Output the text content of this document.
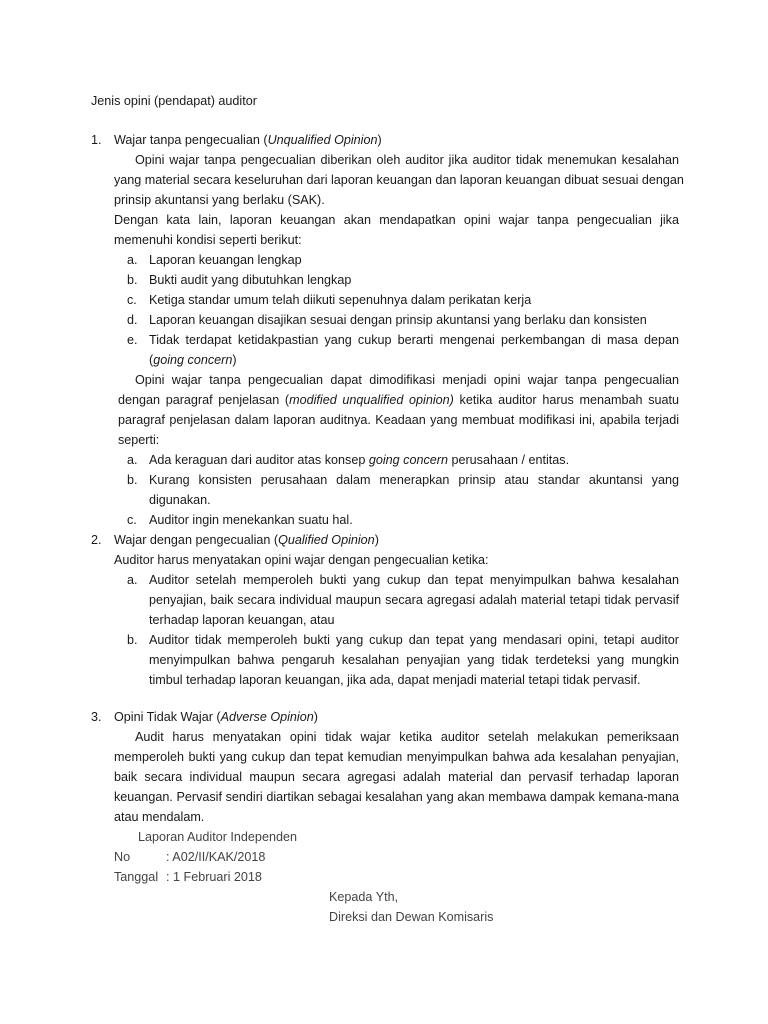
Jenis opini (pendapat) auditor
1. Wajar tanpa pengecualian (Unqualified Opinion)
Opini wajar tanpa pengecualian diberikan oleh auditor jika auditor tidak menemukan kesalahan
yang material secara keseluruhan dari laporan keuangan dan laporan keuangan dibuat sesuai dengan
prinsip akuntansi yang berlaku (SAK).
Dengan kata lain, laporan keuangan akan mendapatkan opini wajar tanpa pengecualian jika
memenuhi kondisi seperti berikut:
a. Laporan keuangan lengkap
b. Bukti audit yang dibutuhkan lengkap
c. Ketiga standar umum telah diikuti sepenuhnya dalam perikatan kerja
d. Laporan keuangan disajikan sesuai dengan prinsip akuntansi yang berlaku dan konsisten
e. Tidak terdapat ketidakpastian yang cukup berarti mengenai perkembangan di masa depan
(going concern)
Opini wajar tanpa pengecualian dapat dimodifikasi menjadi opini wajar tanpa pengecualian
dengan paragraf penjelasan (modified unqualified opinion) ketika auditor harus menambah suatu
paragraf penjelasan dalam laporan auditnya. Keadaan yang membuat modifikasi ini, apabila terjadi
seperti:
a. Ada keraguan dari auditor atas konsep going concern perusahaan / entitas.
b. Kurang konsisten perusahaan dalam menerapkan prinsip atau standar akuntansi yang
digunakan.
c. Auditor ingin menekankan suatu hal.
2. Wajar dengan pengecualian (Qualified Opinion)
Auditor harus menyatakan opini wajar dengan pengecualian ketika:
a. Auditor setelah memperoleh bukti yang cukup dan tepat menyimpulkan bahwa kesalahan
penyajian, baik secara individual maupun secara agregasi adalah material tetapi tidak pervasif
terhadap laporan keuangan, atau
b. Auditor tidak memperoleh bukti yang cukup dan tepat yang mendasari opini, tetapi auditor
menyimpulkan bahwa pengaruh kesalahan penyajian yang tidak terdeteksi yang mungkin
timbul terhadap laporan keuangan, jika ada, dapat menjadi material tetapi tidak pervasif.
3. Opini Tidak Wajar (Adverse Opinion)
Audit harus menyatakan opini tidak wajar ketika auditor setelah melakukan pemeriksaan
memperoleh bukti yang cukup dan tepat kemudian menyimpulkan bahwa ada kesalahan penyajian,
baik secara individual maupun secara agregasi adalah material dan pervasif terhadap laporan
keuangan. Pervasif sendiri diartikan sebagai kesalahan yang akan membawa dampak kemana-mana
atau mendalam.
Laporan Auditor Independen
No	: A02/II/KAK/2018
Tanggal : 1 Februari 2018
Kepada Yth,
Direksi dan Dewan Komisaris
